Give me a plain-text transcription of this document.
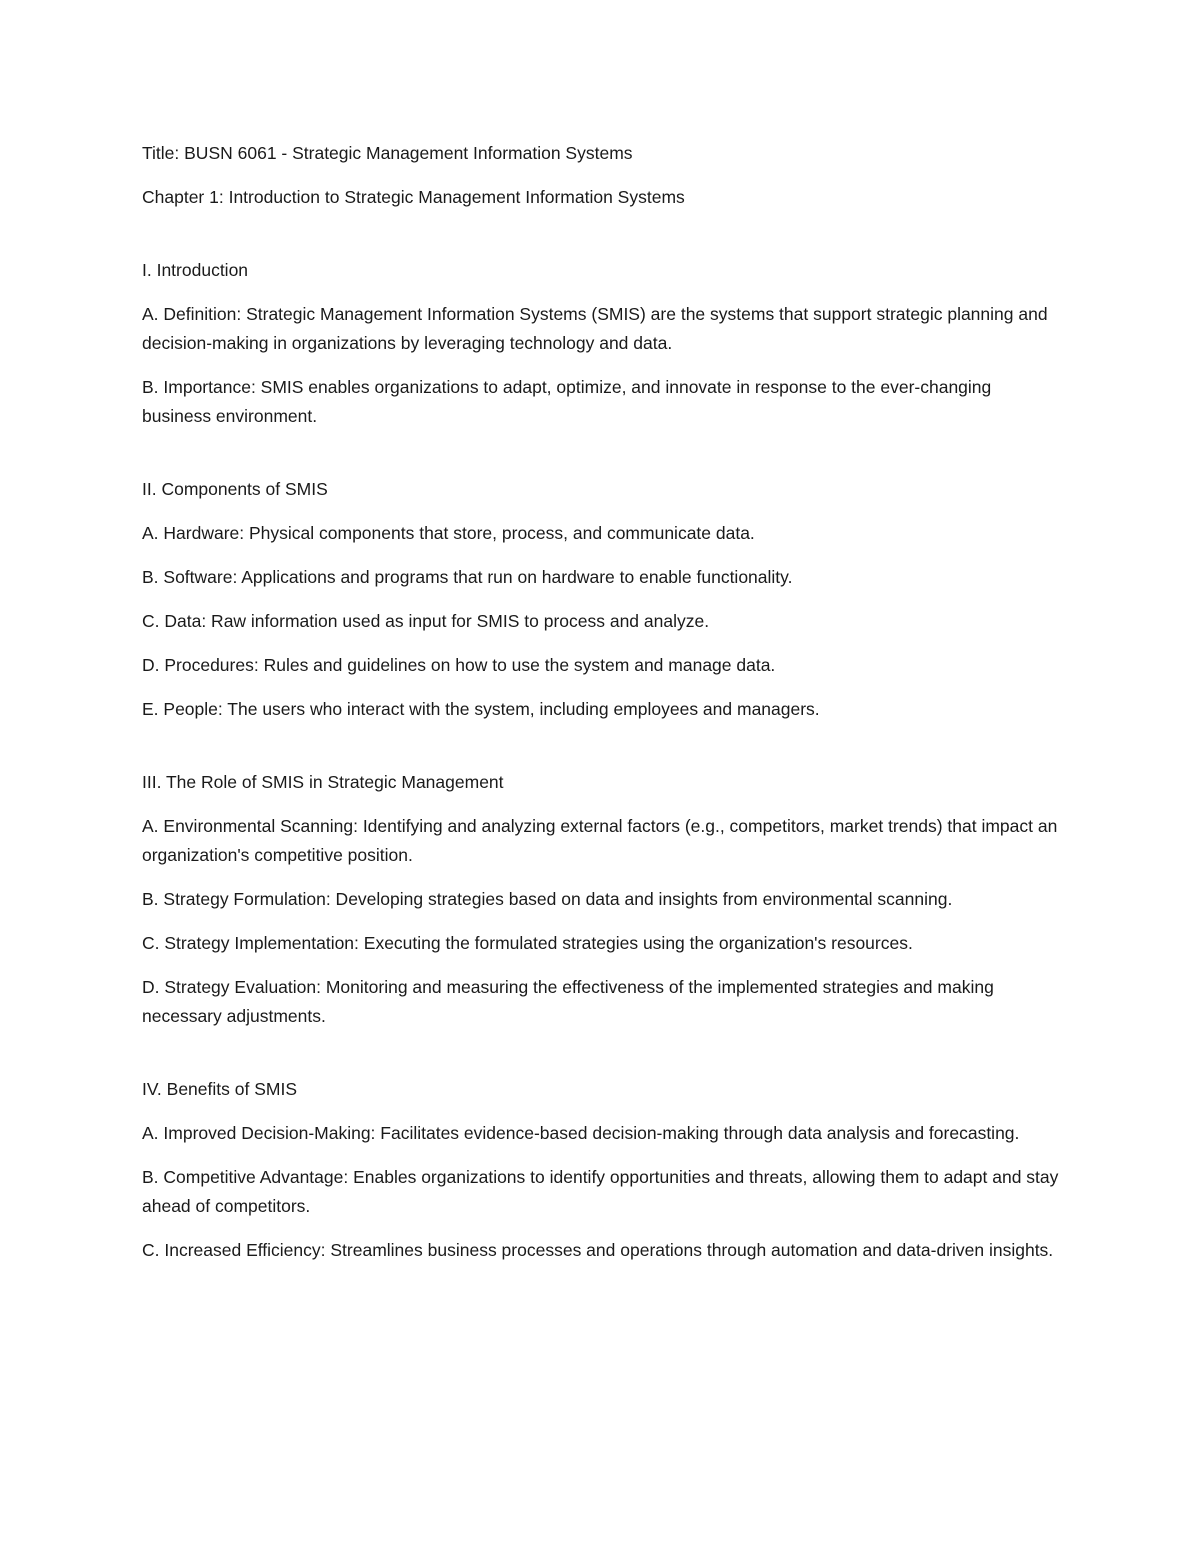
Title: BUSN 6061 - Strategic Management Information Systems

Chapter 1: Introduction to Strategic Management Information Systems

I. Introduction

A. Definition: Strategic Management Information Systems (SMIS) are the systems that support strategic planning and decision-making in organizations by leveraging technology and data.

B. Importance: SMIS enables organizations to adapt, optimize, and innovate in response to the ever-changing business environment.

II. Components of SMIS

A. Hardware: Physical components that store, process, and communicate data.

B. Software: Applications and programs that run on hardware to enable functionality.

C. Data: Raw information used as input for SMIS to process and analyze.

D. Procedures: Rules and guidelines on how to use the system and manage data.

E. People: The users who interact with the system, including employees and managers.

III. The Role of SMIS in Strategic Management

A. Environmental Scanning: Identifying and analyzing external factors (e.g., competitors, market trends) that impact an organization's competitive position.

B. Strategy Formulation: Developing strategies based on data and insights from environmental scanning.

C. Strategy Implementation: Executing the formulated strategies using the organization's resources.

D. Strategy Evaluation: Monitoring and measuring the effectiveness of the implemented strategies and making necessary adjustments.

IV. Benefits of SMIS

A. Improved Decision-Making: Facilitates evidence-based decision-making through data analysis and forecasting.

B. Competitive Advantage: Enables organizations to identify opportunities and threats, allowing them to adapt and stay ahead of competitors.

C. Increased Efficiency: Streamlines business processes and operations through automation and data-driven insights.
